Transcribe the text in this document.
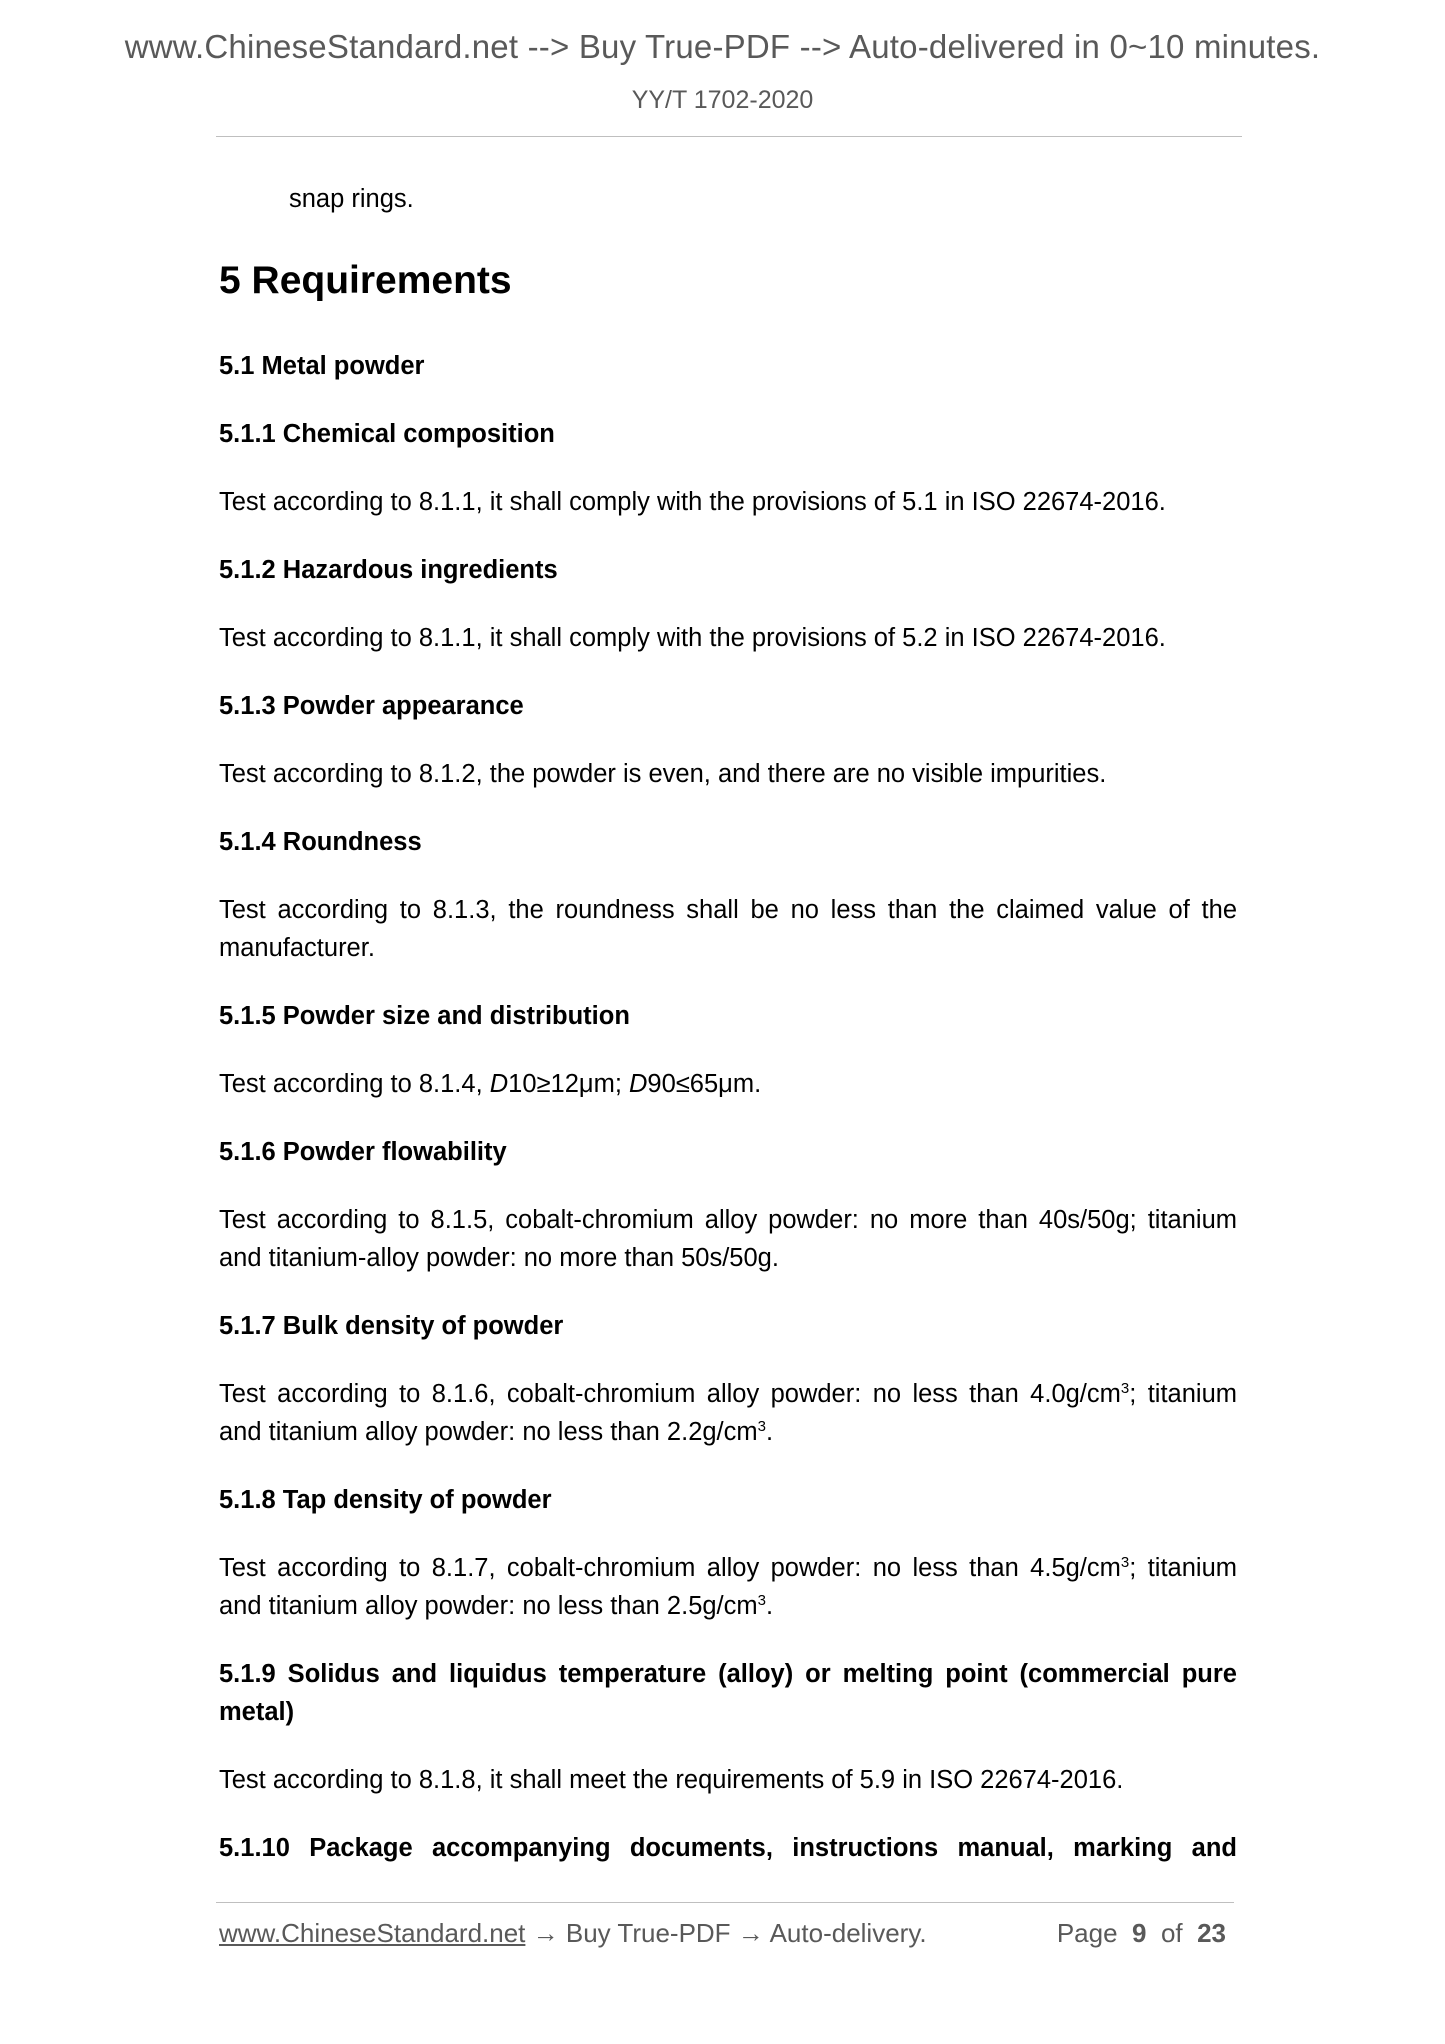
www.ChineseStandard.net --> Buy True-PDF --> Auto-delivered in 0~10 minutes.
YY/T 1702-2020

snap rings.

5 Requirements

5.1 Metal powder

5.1.1 Chemical composition

Test according to 8.1.1, it shall comply with the provisions of 5.1 in ISO 22674-2016.

5.1.2 Hazardous ingredients

Test according to 8.1.1, it shall comply with the provisions of 5.2 in ISO 22674-2016.

5.1.3 Powder appearance

Test according to 8.1.2, the powder is even, and there are no visible impurities.

5.1.4 Roundness

Test according to 8.1.3, the roundness shall be no less than the claimed value of the manufacturer.

5.1.5 Powder size and distribution

Test according to 8.1.4, D10≥12μm; D90≤65μm.

5.1.6 Powder flowability

Test according to 8.1.5, cobalt-chromium alloy powder: no more than 40s/50g; titanium and titanium-alloy powder: no more than 50s/50g.

5.1.7 Bulk density of powder

Test according to 8.1.6, cobalt-chromium alloy powder: no less than $4.0g/cm^3$; titanium and titanium alloy powder: no less than $2.2g/cm^3$.

5.1.8 Tap density of powder

Test according to 8.1.7, cobalt-chromium alloy powder: no less than $4.5g/cm^3$; titanium and titanium alloy powder: no less than $2.5g/cm^3$.

5.1.9 Solidus and liquidus temperature (alloy) or melting point (commercial pure metal)

Test according to 8.1.8, it shall meet the requirements of 5.9 in ISO 22674-2016.

5.1.10 Package accompanying documents, instructions manual, marking and

www.ChineseStandard.net → Buy True-PDF → Auto-delivery.	Page 9 of 23
